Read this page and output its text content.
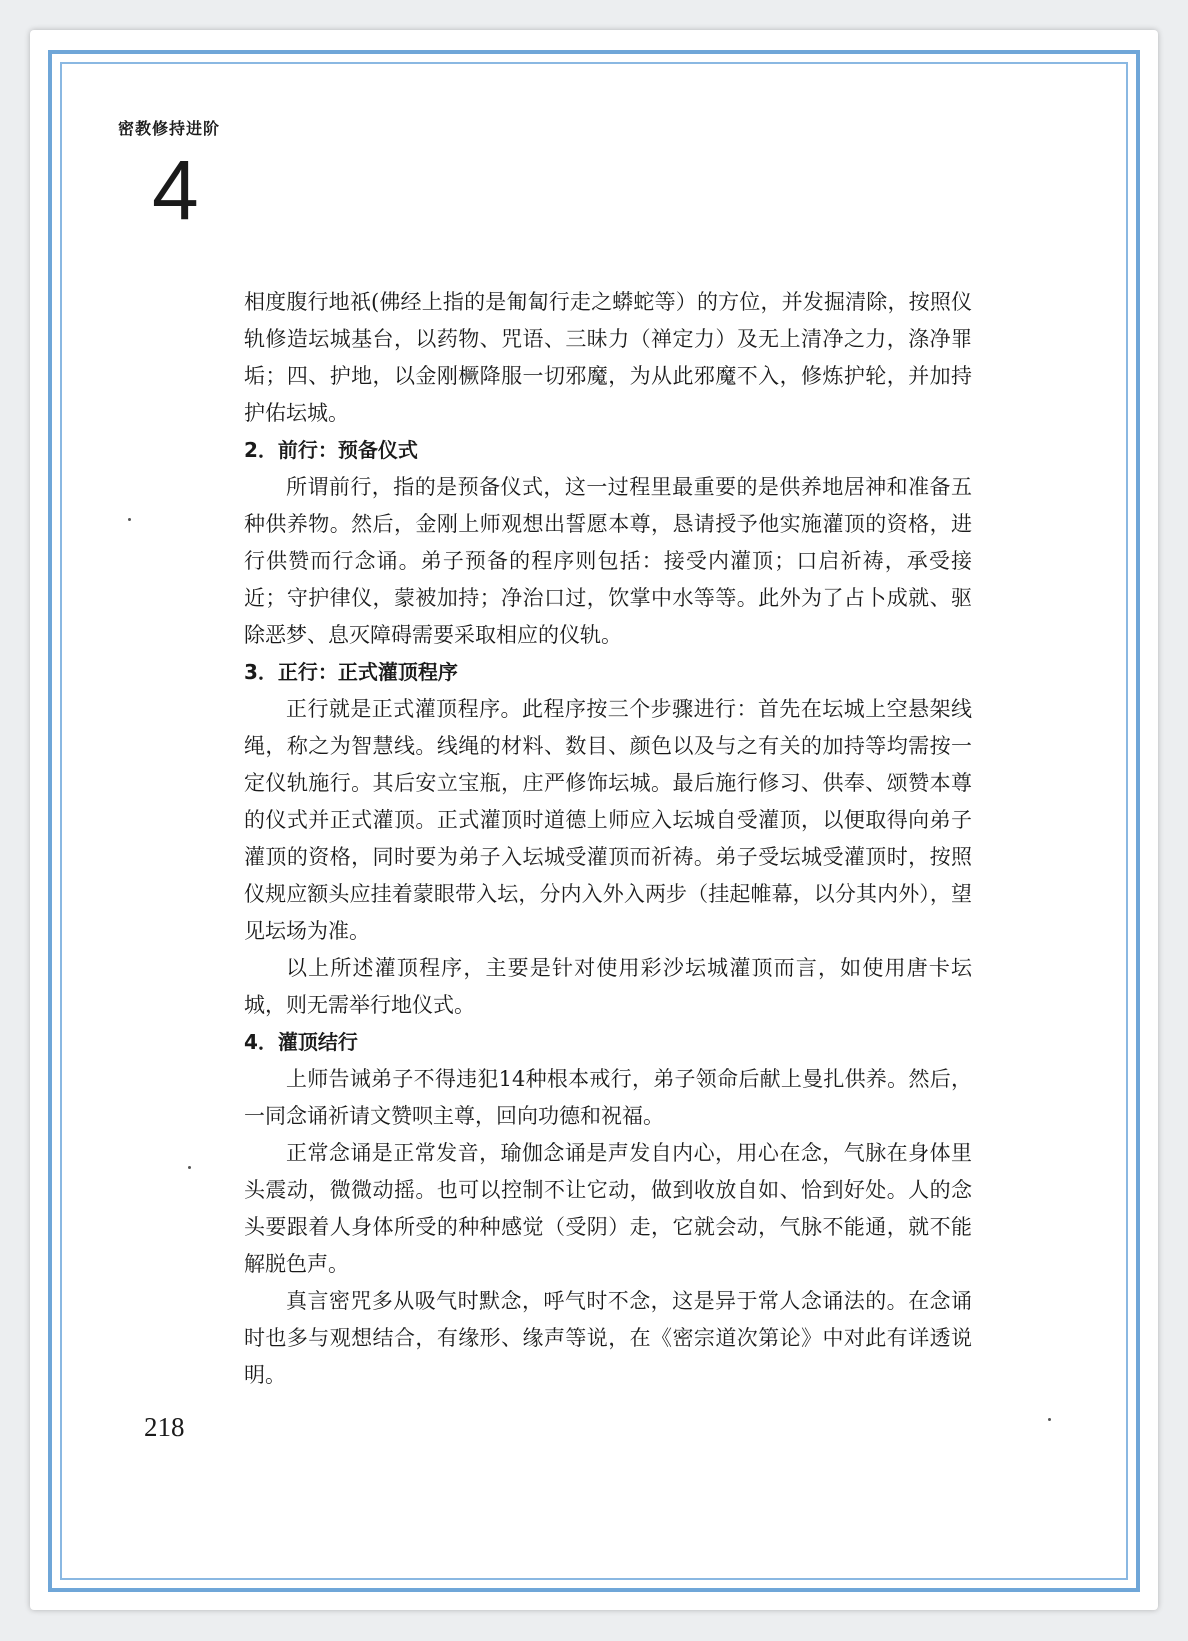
密教修持进阶
4

相度腹行地祇(佛经上指的是匍匐行走之蟒蛇等）的方位，并发掘清除，按照仪轨修造坛城基台，以药物、咒语、三昧力（禅定力）及无上清净之力，涤净罪垢；四、护地，以金刚橛降服一切邪魔，为从此邪魔不入，修炼护轮，并加持护佑坛城。

2．前行：预备仪式

所谓前行，指的是预备仪式，这一过程里最重要的是供养地居神和准备五种供养物。然后，金刚上师观想出誓愿本尊，恳请授予他实施灌顶的资格，进行供赞而行念诵。弟子预备的程序则包括：接受内灌顶；口启祈祷，承受接近；守护律仪，蒙被加持；净治口过，饮掌中水等等。此外为了占卜成就、驱除恶梦、息灭障碍需要采取相应的仪轨。

3．正行：正式灌顶程序

正行就是正式灌顶程序。此程序按三个步骤进行：首先在坛城上空悬架线绳，称之为智慧线。线绳的材料、数目、颜色以及与之有关的加持等均需按一定仪轨施行。其后安立宝瓶，庄严修饰坛城。最后施行修习、供奉、颂赞本尊的仪式并正式灌顶。正式灌顶时道德上师应入坛城自受灌顶，以便取得向弟子灌顶的资格，同时要为弟子入坛城受灌顶而祈祷。弟子受坛城受灌顶时，按照仪规应额头应挂着蒙眼带入坛，分内入外入两步（挂起帷幕，以分其内外），望见坛场为准。

以上所述灌顶程序，主要是针对使用彩沙坛城灌顶而言，如使用唐卡坛城，则无需举行地仪式。

4．灌顶结行

上师告诫弟子不得违犯14种根本戒行，弟子领命后献上曼扎供养。然后，一同念诵祈请文赞呗主尊，回向功德和祝福。

正常念诵是正常发音，瑜伽念诵是声发自内心，用心在念，气脉在身体里头震动，微微动摇。也可以控制不让它动，做到收放自如、恰到好处。人的念头要跟着人身体所受的种种感觉（受阴）走，它就会动，气脉不能通，就不能解脱色声。

真言密咒多从吸气时默念，呼气时不念，这是异于常人念诵法的。在念诵时也多与观想结合，有缘形、缘声等说，在《密宗道次第论》中对此有详透说明。

218
